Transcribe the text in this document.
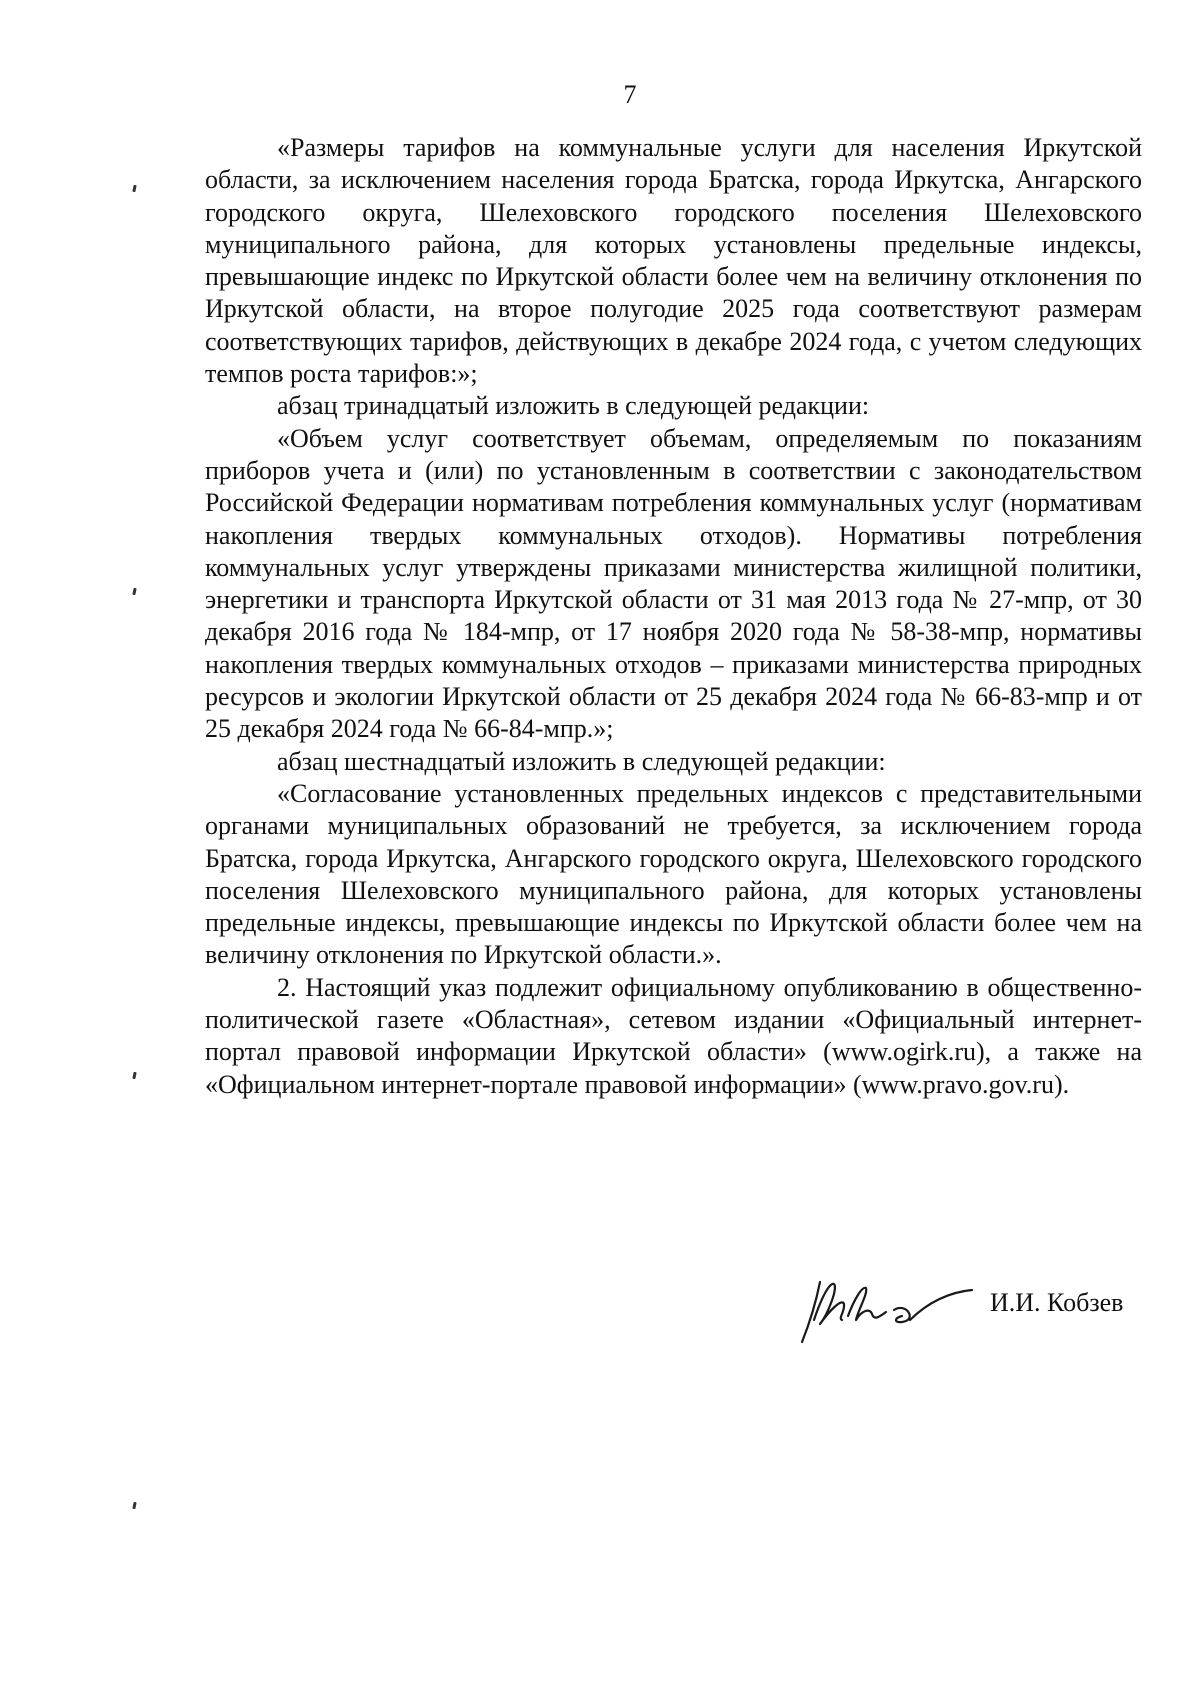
7

«Размеры тарифов на коммунальные услуги для населения Иркутской области, за исключением населения города Братска, города Иркутска, Ангарского городского округа, Шелеховского городского поселения Шелеховского муниципального района, для которых установлены предельные индексы, превышающие индекс по Иркутской области более чем на величину отклонения по Иркутской области, на второе полугодие 2025 года соответствуют размерам соответствующих тарифов, действующих в декабре 2024 года, с учетом следующих темпов роста тарифов:»;

абзац тринадцатый изложить в следующей редакции:

«Объем услуг соответствует объемам, определяемым по показаниям приборов учета и (или) по установленным в соответствии с законодательством Российской Федерации нормативам потребления коммунальных услуг (нормативам накопления твердых коммунальных отходов). Нормативы потребления коммунальных услуг утверждены приказами министерства жилищной политики, энергетики и транспорта Иркутской области от 31 мая 2013 года № 27-мпр, от 30 декабря 2016 года № 184-мпр, от 17 ноября 2020 года № 58-38-мпр, нормативы накопления твердых коммунальных отходов – приказами министерства природных ресурсов и экологии Иркутской области от 25 декабря 2024 года № 66-83-мпр и от 25 декабря 2024 года № 66-84-мпр.»;

абзац шестнадцатый изложить в следующей редакции:

«Согласование установленных предельных индексов с представительными органами муниципальных образований не требуется, за исключением города Братска, города Иркутска, Ангарского городского округа, Шелеховского городского поселения Шелеховского муниципального района, для которых установлены предельные индексы, превышающие индексы по Иркутской области более чем на величину отклонения по Иркутской области.».

2. Настоящий указ подлежит официальному опубликованию в общественно-политической газете «Областная», сетевом издании «Официальный интернет-портал правовой информации Иркутской области» (www.ogirk.ru), а также на «Официальном интернет-портале правовой информации» (www.pravo.gov.ru).

И.И. Кобзев
